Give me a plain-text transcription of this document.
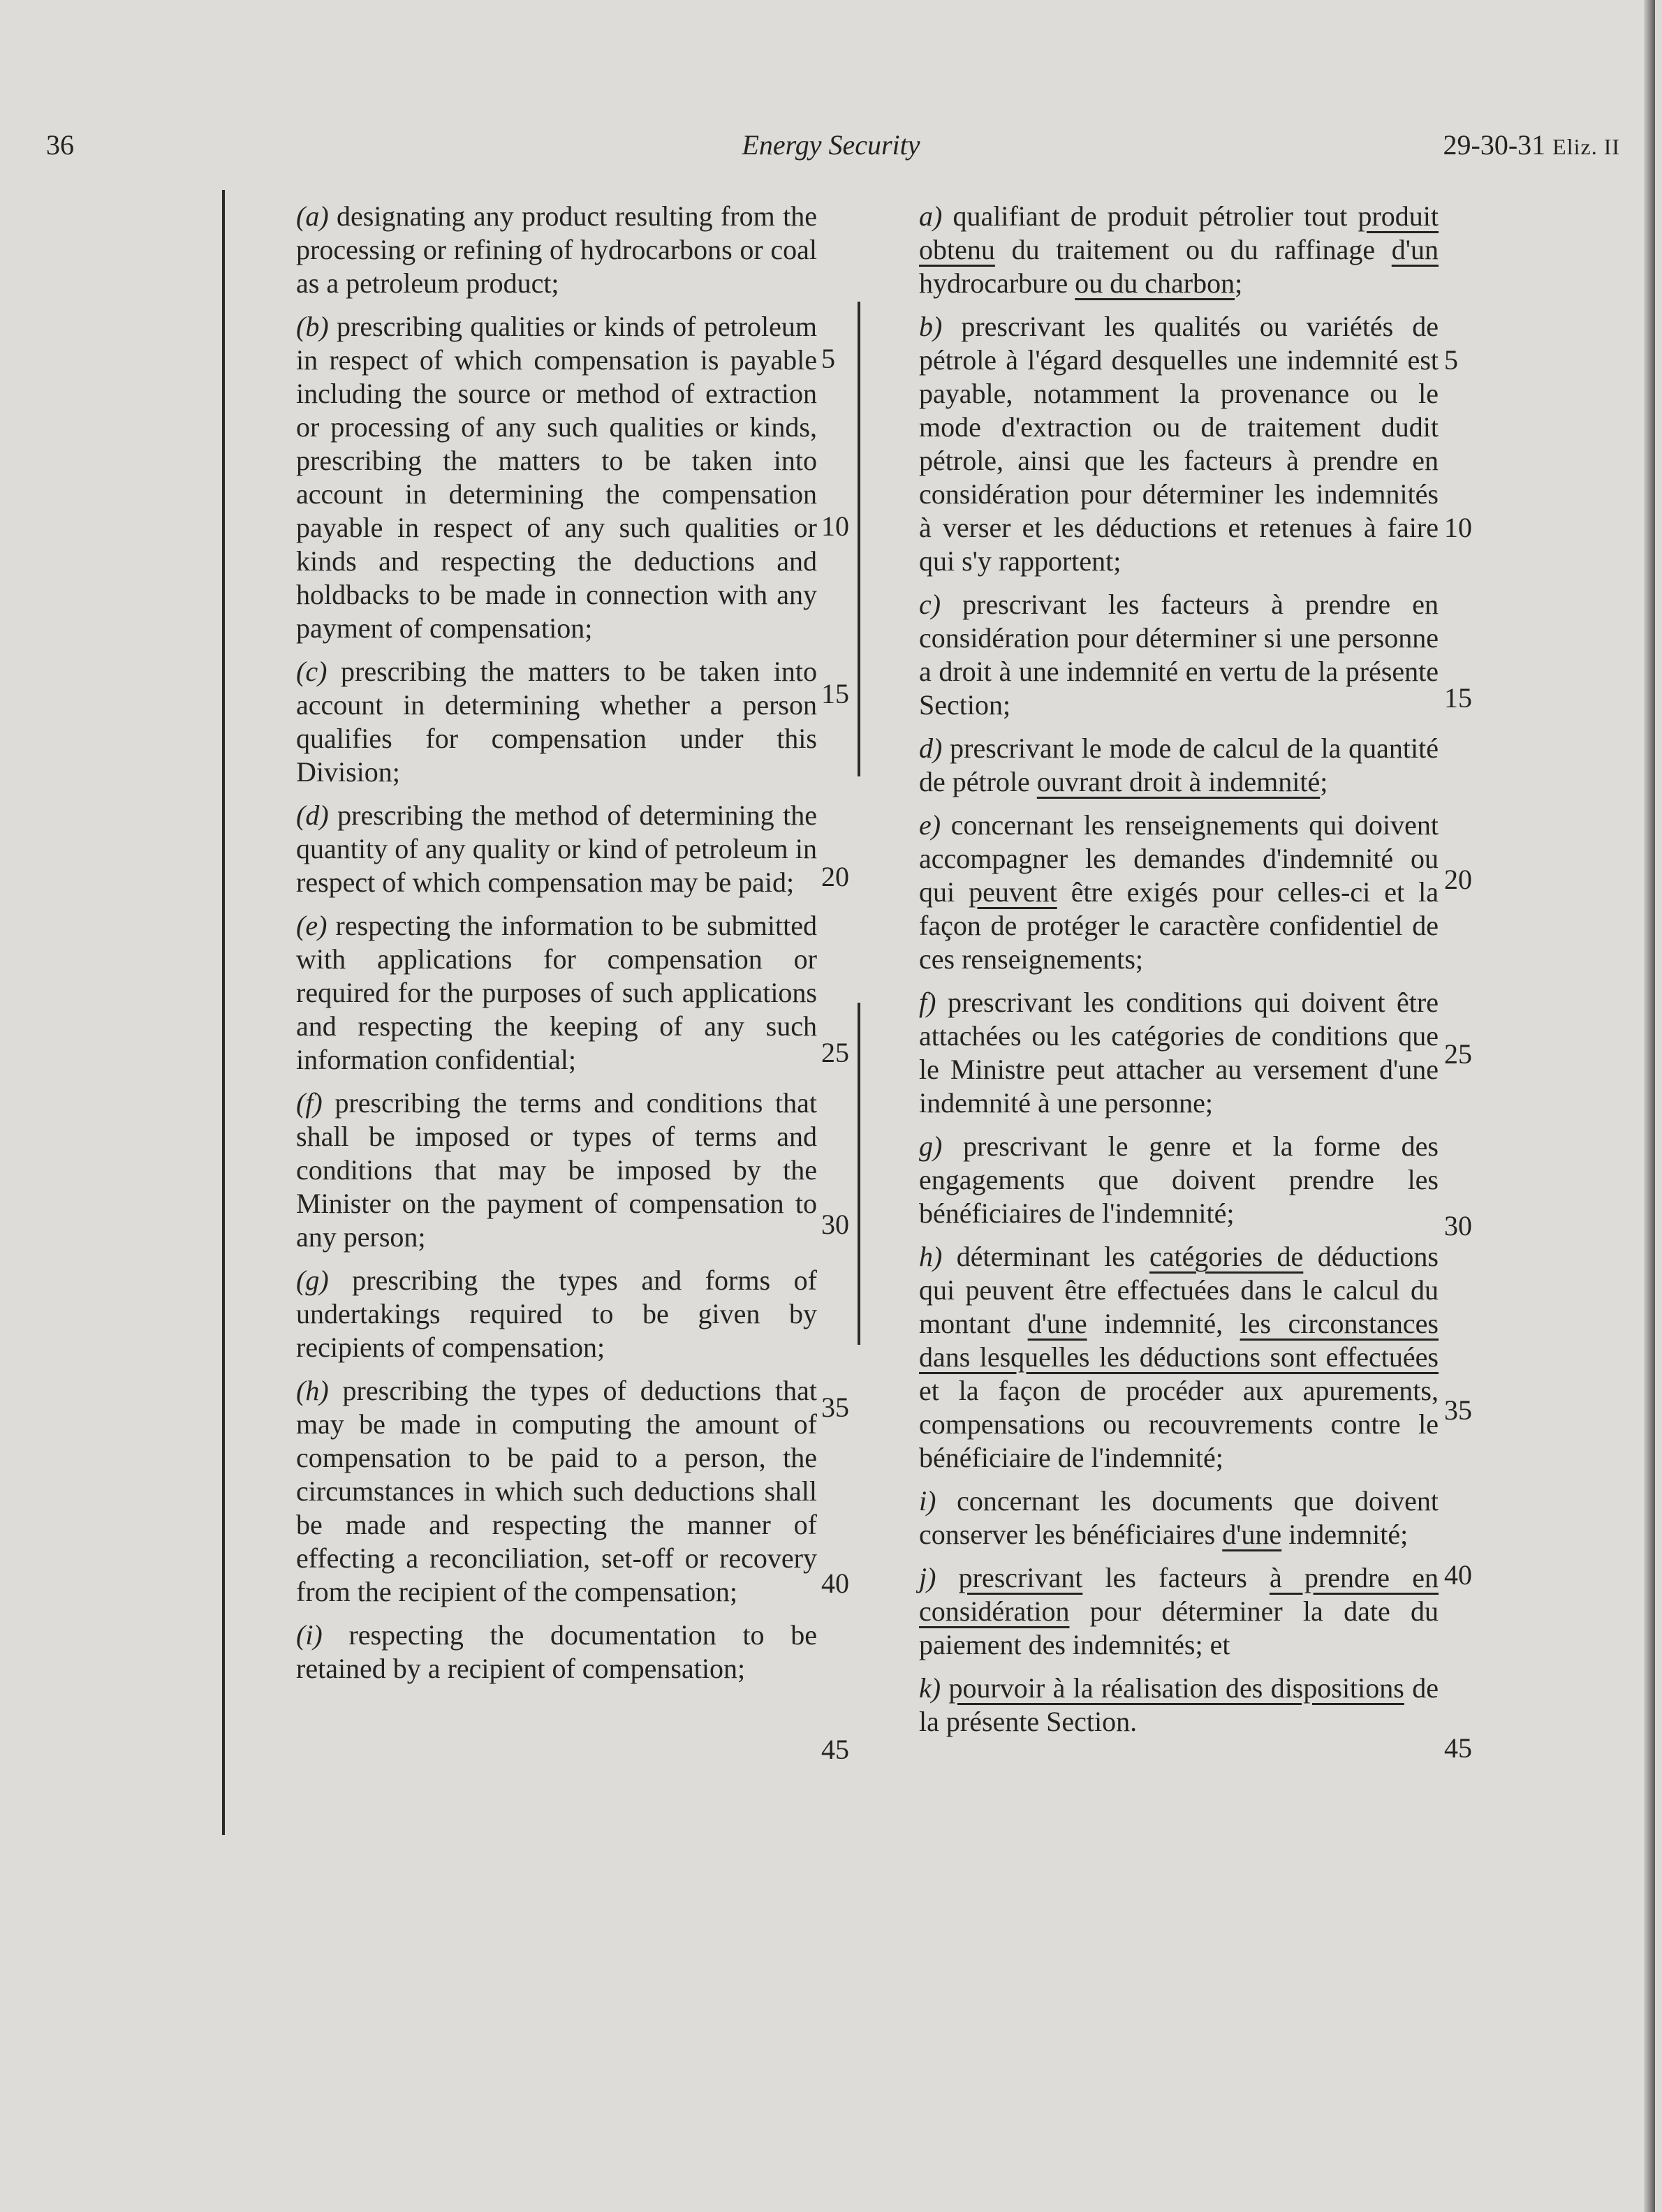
36	Energy Security	29-30-31 Eliz. II

(a) designating any product resulting from the processing or refining of hydrocarbons or coal as a petroleum product;

(b) prescribing qualities or kinds of petroleum in respect of which compensation is payable including the source or method of extraction or processing of any such qualities or kinds, prescribing the matters to be taken into account in determining the compensation payable in respect of any such qualities or kinds and respecting the deductions and holdbacks to be made in connection with any payment of compensation;

(c) prescribing the matters to be taken into account in determining whether a person qualifies for compensation under this Division;

(d) prescribing the method of determining the quantity of any quality or kind of petroleum in respect of which compensation may be paid;

(e) respecting the information to be submitted with applications for compensation or required for the purposes of such applications and respecting the keeping of any such information confidential;

(f) prescribing the terms and conditions that shall be imposed or types of terms and conditions that may be imposed by the Minister on the payment of compensation to any person;

(g) prescribing the types and forms of undertakings required to be given by recipients of compensation;

(h) prescribing the types of deductions that may be made in computing the amount of compensation to be paid to a person, the circumstances in which such deductions shall be made and respecting the manner of effecting a reconciliation, set-off or recovery from the recipient of the compensation;

(i) respecting the documentation to be retained by a recipient of compensation;

5
10
15
20
25
30
35
40
45

a) qualifiant de produit pétrolier tout produit obtenu du traitement ou du raffinage d'un hydrocarbure ou du charbon;

b) prescrivant les qualités ou variétés de pétrole à l'égard desquelles une indemnité est payable, notamment la provenance ou le mode d'extraction ou de traitement dudit pétrole, ainsi que les facteurs à prendre en considération pour déterminer les indemnités à verser et les déductions et retenues à faire qui s'y rapportent;

c) prescrivant les facteurs à prendre en considération pour déterminer si une personne a droit à une indemnité en vertu de la présente Section;

d) prescrivant le mode de calcul de la quantité de pétrole ouvrant droit à indemnité;

e) concernant les renseignements qui doivent accompagner les demandes d'indemnité ou qui peuvent être exigés pour celles-ci et la façon de protéger le caractère confidentiel de ces renseignements;

f) prescrivant les conditions qui doivent être attachées ou les catégories de conditions que le Ministre peut attacher au versement d'une indemnité à une personne;

g) prescrivant le genre et la forme des engagements que doivent prendre les bénéficiaires de l'indemnité;

h) déterminant les catégories de déductions qui peuvent être effectuées dans le calcul du montant d'une indemnité, les circonstances dans lesquelles les déductions sont effectuées et la façon de procéder aux apurements, compensations ou recouvrements contre le bénéficiaire de l'indemnité;

i) concernant les documents que doivent conserver les bénéficiaires d'une indemnité;

j) prescrivant les facteurs à prendre en considération pour déterminer la date du paiement des indemnités; et

k) pourvoir à la réalisation des dispositions de la présente Section.

5
10
15
20
25
30
35
40
45
